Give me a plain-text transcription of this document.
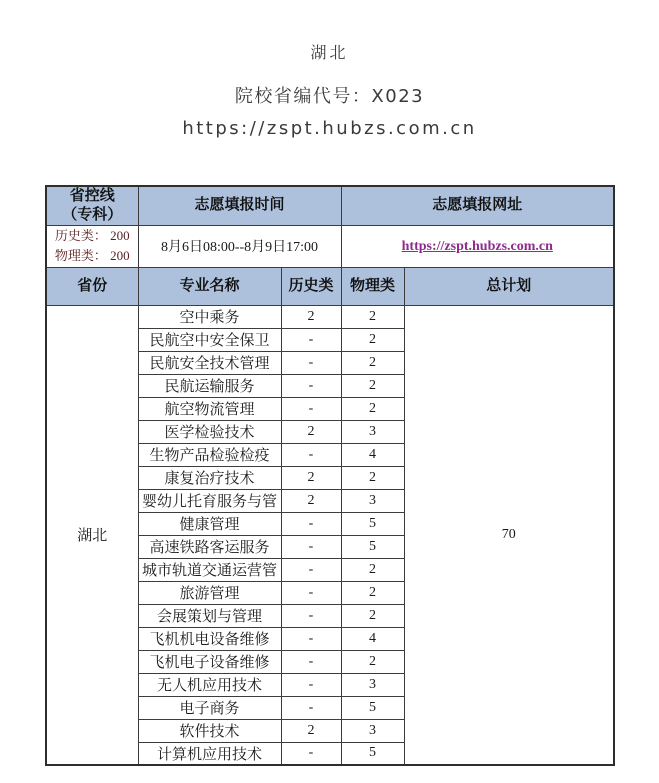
湖北
院校省编代号：X023
https://zspt.hubzs.com.cn
省控线
（专科）	志愿填报时间		志愿填报网址	

历史类： 200
物理类： 200	8月6日08:00--8月9日17:00		https://zspt.hubzs.com.cn	
省份	专业名称	历史类	物理类	总计划
湖北	空中乘务	2	2	70
	民航空中安全保卫	-	2	
	民航安全技术管理	-	2	
	民航运输服务	-	2	
	航空物流管理	-	2	
	医学检验技术	2	3	
	生物产品检验检疫	-	4	
	康复治疗技术	2	2	
	婴幼儿托育服务与管	2	3	
	健康管理	-	5	
	高速铁路客运服务	-	5	
	城市轨道交通运营管	-	2	
	旅游管理	-	2	
	会展策划与管理	-	2	
	飞机机电设备维修	-	4	
	飞机电子设备维修	-	2	
	无人机应用技术	-	3	
	电子商务	-	5	
	软件技术	2	3	
	计算机应用技术	-	5	
